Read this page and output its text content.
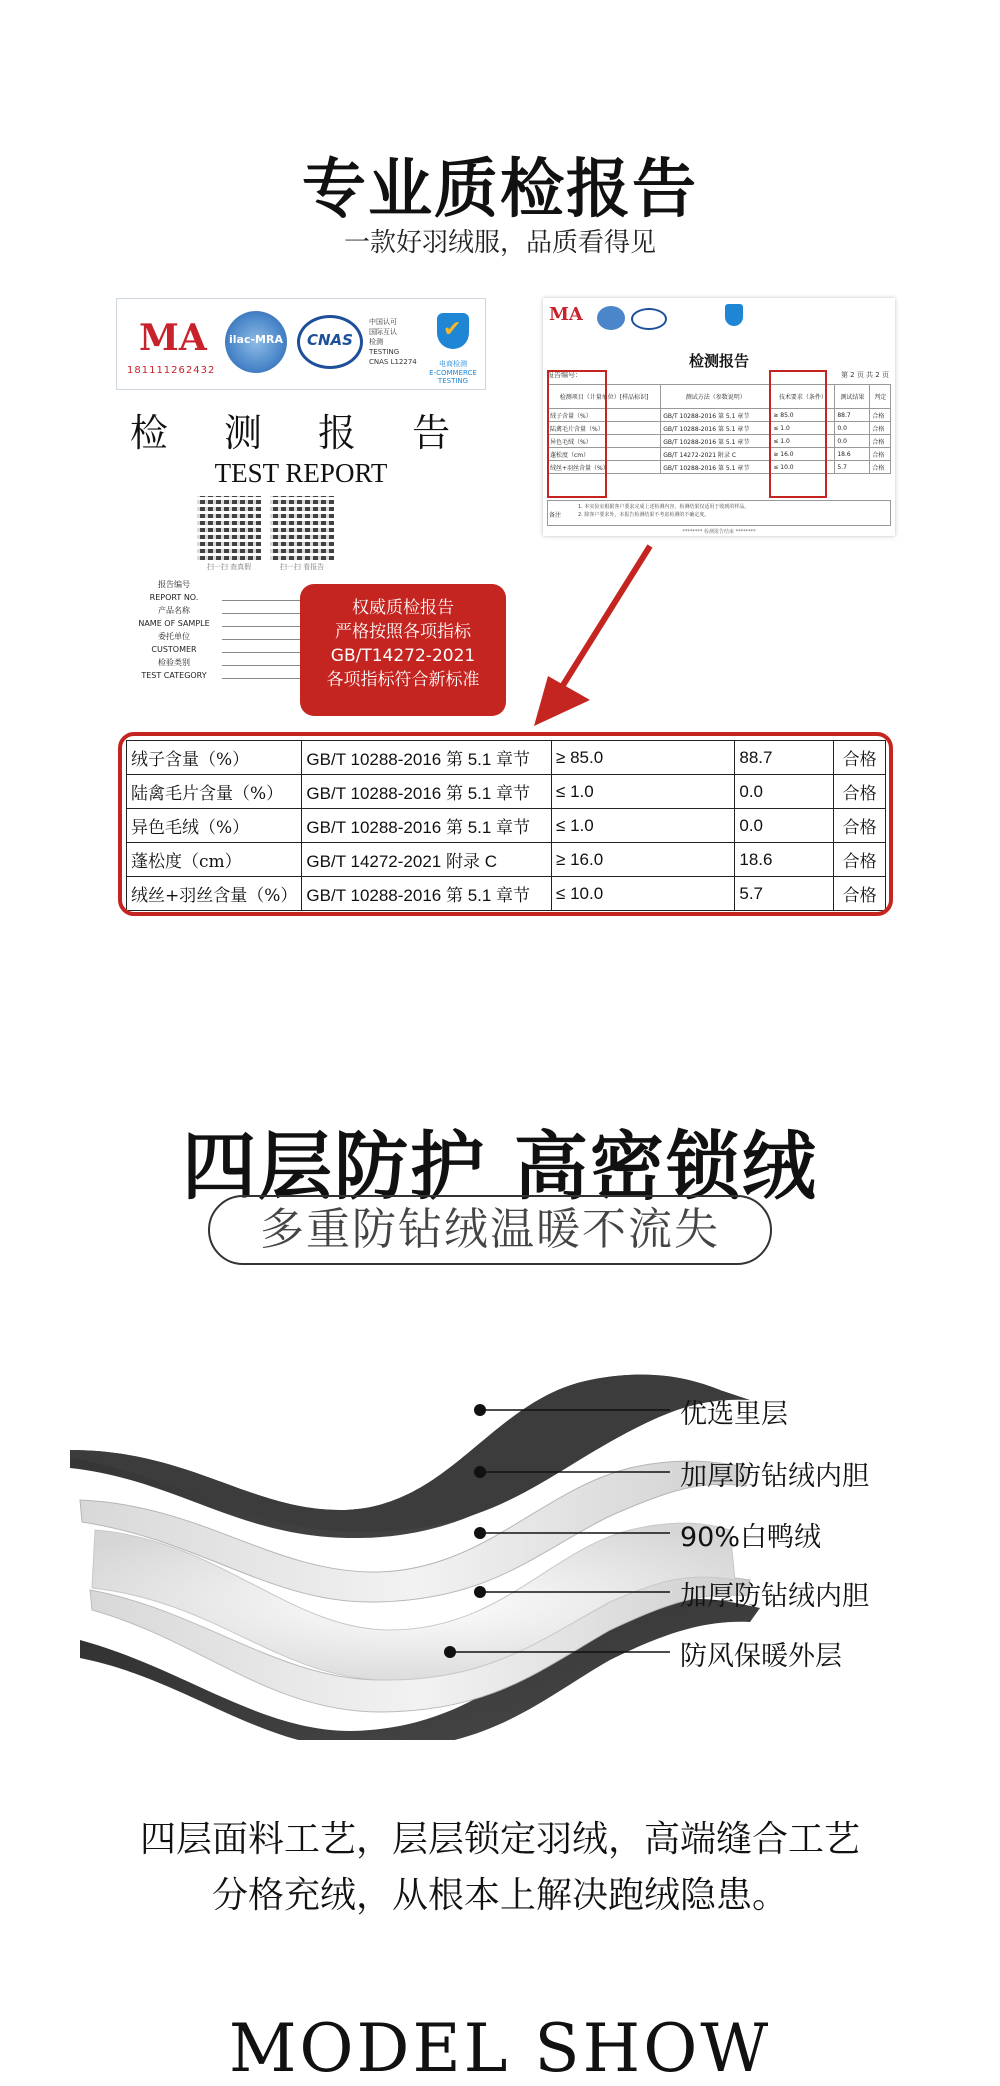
专业质检报告
一款好羽绒服，品质看得见
MA
181111262432
ilac-MRA	CNAS
中国认可
国际互认
检测
TESTING
CNAS L12274
✔
电商检测
E-COMMERCE TESTING
检 测 报 告
TEST REPORT
扫一扫 查真假	扫一扫 看报告
报告编号
REPORT NO.
产品名称
NAME OF SAMPLE
委托单位
CUSTOMER
检验类别
TEST CATEGORY
权威质检报告
严格按照各项指标
GB/T14272-2021
各项指标符合新标准
MA
检测报告
报告编号：	第 2 页 共 2 页
检测项目（计量单位）[样品标识]	测试方法（参数说明）	技术要求（条件）	测试结果	判定
绒子含量（%）	GB/T 10288-2016 第 5.1 章节	≥ 85.0	88.7	合格
陆禽毛片含量（%）	GB/T 10288-2016 第 5.1 章节	≤ 1.0	0.0	合格
异色毛绒（%）	GB/T 10288-2016 第 5.1 章节	≤ 1.0	0.0	合格
蓬松度（cm）	GB/T 14272-2021 附录 C	≥ 16.0	18.6	合格
绒丝+羽丝含量（%）	GB/T 10288-2016 第 5.1 章节	≤ 10.0	5.7	合格
1. 本实验室根据客户要求完成上述检测内容，检测结果仅适用于收到的样品。
2. 除客户要求外，本报告检测结果不考虑检测的不确定度。
备注
******** 检测报告结束 ********
绒子含量（%）	GB/T 10288-2016 第 5.1 章节	≥ 85.0	88.7	合格
陆禽毛片含量（%）	GB/T 10288-2016 第 5.1 章节	≤ 1.0	0.0	合格
异色毛绒（%）	GB/T 10288-2016 第 5.1 章节	≤ 1.0	0.0	合格
蓬松度（cm）	GB/T 14272-2021 附录 C	≥ 16.0	18.6	合格
绒丝+羽丝含量（%）	GB/T 10288-2016 第 5.1 章节	≤ 10.0	5.7	合格
四层防护 高密锁绒
多重防钻绒温暖不流失
优选里层
加厚防钻绒内胆
90%白鸭绒
加厚防钻绒内胆
防风保暖外层
四层面料工艺，层层锁定羽绒，高端缝合工艺
分格充绒，从根本上解决跑绒隐患。
MODEL SHOW
